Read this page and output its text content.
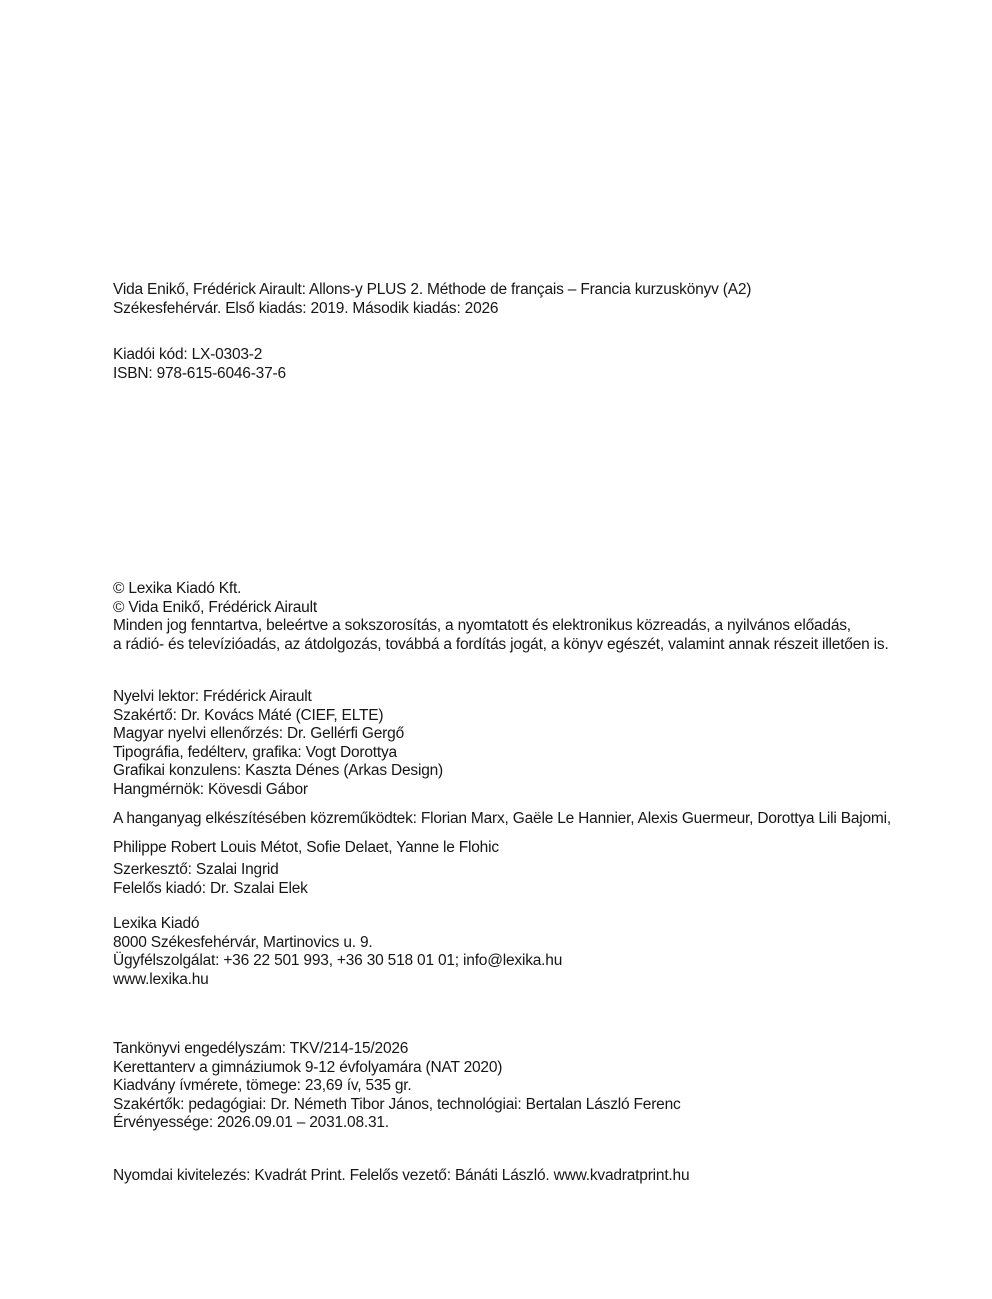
Vida Enikő, Frédérick Airault: Allons-y PLUS 2. Méthode de français – Francia kurzuskönyv (A2)

Székesfehérvár. Első kiadás: 2019. Második kiadás: 2026

Kiadói kód: LX-0303-2

ISBN: 978-615-6046-37-6

© Lexika Kiadó Kft.

© Vida Enikő, Frédérick Airault

Minden jog fenntartva, beleértve a sokszorosítás, a nyomtatott és elektronikus közreadás, a nyilvános előadás,

a rádió- és televízióadás, az átdolgozás, továbbá a fordítás jogát, a könyv egészét, valamint annak részeit illetően is.

Nyelvi lektor: Frédérick Airault

Szakértő: Dr. Kovács Máté (CIEF, ELTE)

Magyar nyelvi ellenőrzés: Dr. Gellérfi Gergő

Tipográfia, fedélterv, grafika: Vogt Dorottya

Grafikai konzulens: Kaszta Dénes (Arkas Design)

Hangmérnök: Kövesdi Gábor

A hanganyag elkészítésében közreműködtek: Florian Marx, Gaële Le Hannier, Alexis Guermeur, Dorottya Lili Bajomi,

Philippe Robert Louis Métot, Sofie Delaet, Yanne le Flohic

Szerkesztő: Szalai Ingrid

Felelős kiadó: Dr. Szalai Elek

Lexika Kiadó

8000 Székesfehérvár, Martinovics u. 9.

Ügyfélszolgálat: +36 22 501 993, +36 30 518 01 01; info@lexika.hu

www.lexika.hu

Tankönyvi engedélyszám: TKV/214-15/2026

Kerettanterv a gimnáziumok 9-12 évfolyamára (NAT 2020)

Kiadvány ívmérete, tömege: 23,69 ív, 535 gr.

Szakértők: pedagógiai: Dr. Németh Tibor János, technológiai: Bertalan László Ferenc

Érvényessége: 2026.09.01 – 2031.08.31.

Nyomdai kivitelezés: Kvadrát Print. Felelős vezető: Bánáti László. www.kvadratprint.hu
